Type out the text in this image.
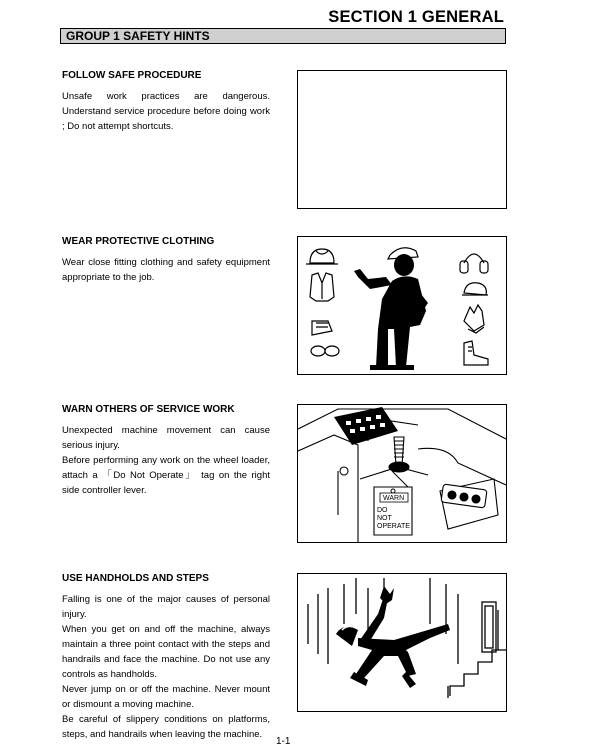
SECTION 1 GENERAL
GROUP 1 SAFETY HINTS
FOLLOW SAFE PROCEDURE

Unsafe work practices are dangerous. Understand service procedure before doing work ; Do not attempt shortcuts.

WEAR PROTECTIVE CLOTHING

Wear close fitting clothing and safety equipment appropriate to the job.

WARN OTHERS OF SERVICE WORK

Unexpected machine movement can cause serious injury.

Before performing any work on the wheel loader, attach a 「Do Not Operate」 tag on the right side controller lever.

WARN
DO
NOT
OPERATE
USE HANDHOLDS AND STEPS

Falling is one of the major causes of personal injury.

When you get on and off the machine, always maintain a three point contact with the steps and handrails and face the machine. Do not use any controls as handholds.

Never jump on or off the machine. Never mount or dismount a moving machine.

Be careful of slippery conditions on platforms, steps, and handrails when leaving the machine.

1-1
